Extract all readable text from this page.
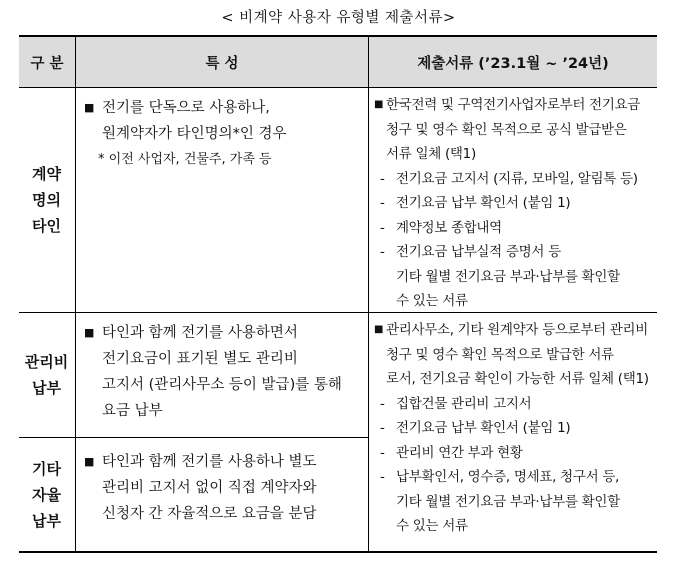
< 비계약 사용자 유형별 제출서류>
구 분	특 성	제출서류 (’23.1월 ~ ’24년)
계약
명의
타인
■ 전기를 단독으로 사용하나,
원계약자가 타인명의*인 경우
* 이전 사업자, 건물주, 가족 등
■ 한국전력 및 구역전기사업자로부터 전기요금
청구 및 영수 확인 목적으로 공식 발급받은
서류 일체 (택1)
- 전기요금 고지서 (지류, 모바일, 알림톡 등)
- 전기요금 납부 확인서 (붙임 1)
- 계약정보 종합내역
- 전기요금 납부실적 증명서 등
기타 월별 전기요금 부과·납부를 확인할
수 있는 서류
관리비
납부
■ 타인과 함께 전기를 사용하면서
전기요금이 표기된 별도 관리비
고지서 (관리사무소 등이 발급)를 통해
요금 납부
기타
자율
납부
■ 타인과 함께 전기를 사용하나 별도
관리비 고지서 없이 직접 계약자와
신청자 간 자율적으로 요금을 분담
■ 관리사무소, 기타 원계약자 등으로부터 관리비
청구 및 영수 확인 목적으로 발급한 서류
로서, 전기요금 확인이 가능한 서류 일체 (택1)
- 집합건물 관리비 고지서
- 전기요금 납부 확인서 (붙임 1)
- 관리비 연간 부과 현황
- 납부확인서, 영수증, 명세표, 청구서 등,
기타 월별 전기요금 부과·납부를 확인할
수 있는 서류
